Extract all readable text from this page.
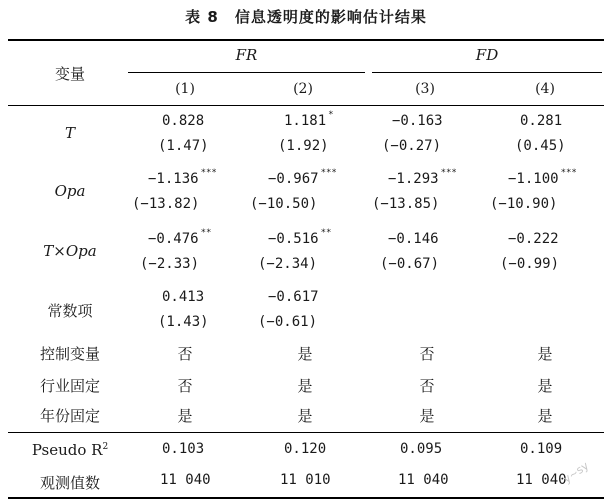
表 8　信息透明度的影响估计结果
变量
FR	FD
(1)	(2)	(3)	(4)
T
0.828	1.181 *	−0.163	0.281
(1.47)	(1.92)	(−0.27)	(0.45)
Opa
−1.136 ***	−0.967 ***	−1.293 ***	−1.100 ***
(−13.82)	(−10.50)	(−13.85)	(−10.90)
T×Opa
−0.476 **	−0.516 **	−0.146	−0.222
(−2.33)	(−2.34)	(−0.67)	(−0.99)
常数项
0.413	−0.617
(1.43)	(−0.61)
控制变量	否	是	否	是
行业固定	否	是	否	是
年份固定	是	是	是	是
Pseudo $R^2$	0.103	0.120	0.095	0.109
观测值数	11 040	11 010	11 040	11 040
y~sy
